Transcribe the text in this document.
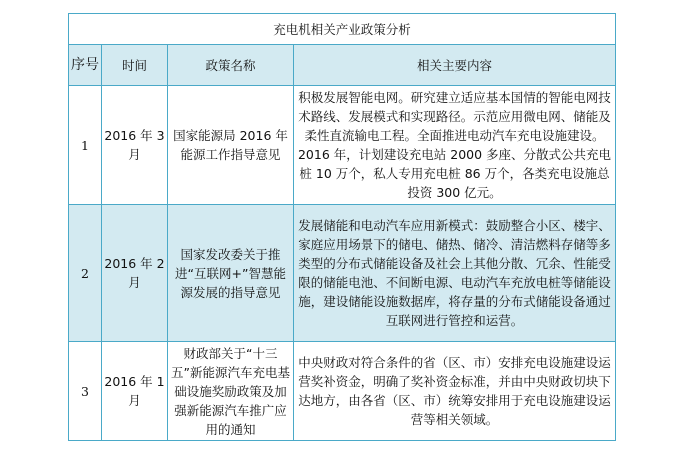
充电机相关产业政策分析			
序号	时间	政策名称	相关主要内容
1	2016 年 3 月	国家能源局 2016 年能源工作指导意见	积极发展智能电网。研究建立适应基本国情的智能电网技术路线、发展模式和实现路径。示范应用微电网、储能及柔性直流输电工程。全面推进电动汽车充电设施建设。2016 年，计划建设充电站 2000 多座、分散式公共充电桩 10 万个，私人专用充电桩 86 万个，各类充电设施总投资 300 亿元。
2	2016 年 2 月	国家发改委关于推进“互联网+”智慧能源发展的指导意见	发展储能和电动汽车应用新模式：鼓励整合小区、楼宇、家庭应用场景下的储电、储热、储冷、清洁燃料存储等多类型的分布式储能设备及社会上其他分散、冗余、性能受限的储能电池、不间断电源、电动汽车充放电桩等储能设施，建设储能设施数据库，将存量的分布式储能设备通过互联网进行管控和运营。
3	2016 年 1 月	财政部关于“十三五”新能源汽车充电基础设施奖励政策及加强新能源汽车推广应用的通知	中央财政对符合条件的省（区、市）安排充电设施建设运营奖补资金，明确了奖补资金标准，并由中央财政切块下达地方，由各省（区、市）统筹安排用于充电设施建设运营等相关领域。
